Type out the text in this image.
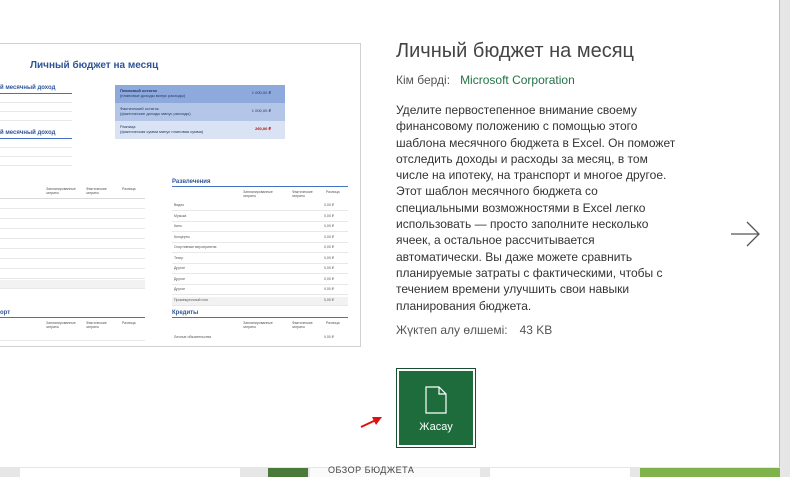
Личный бюджет на месяц
й месячный доход
й месячный доход
Плановый остаток
(плановые доходы минус расходы)
1 000,00 ₽
Фактический остаток
(фактические доходы минус расходы)
1 000,00 ₽
Разница
(фактическая сумма минус плановая сумма)
260,00 ₽
Запланированные затраты
Фактические затраты
Разница
Развлечения
Запланированные затраты
Фактические затраты
Разница
Видео	0,00 ₽
Музыка	0,00 ₽
Кино	0,00 ₽
Концерты	0,00 ₽
Спортивные мероприятия	0,00 ₽
Театр	0,00 ₽
Другое	0,00 ₽
Другое	0,00 ₽
Другое	0,00 ₽
Промежуточный итог	0,00 ₽
орт
Запланированные затраты
Фактические затраты
Разница
Кредиты
Запланированные затраты
Фактические затраты
Разница
Личные обязательства	0,00 ₽
Личный бюджет на месяц
Кім берді: Microsoft Corporation
Уделите первостепенное внимание своему финансовому положению с помощью этого шаблона месячного бюджета в Excel. Он поможет отследить доходы и расходы за месяц, в том числе на ипотеку, на транспорт и многое другое. Этот шаблон месячного бюджета со специальными возможностями в Excel легко использовать — просто заполните несколько ячеек, а остальное рассчитывается автоматически. Вы даже можете сравнить планируемые затраты с фактическими, чтобы с течением времени улучшить свои навыки планирования бюджета.
Жүктеп алу өлшемі: 43 KB
Жасау
ОБЗОР БЮДЖЕТА
